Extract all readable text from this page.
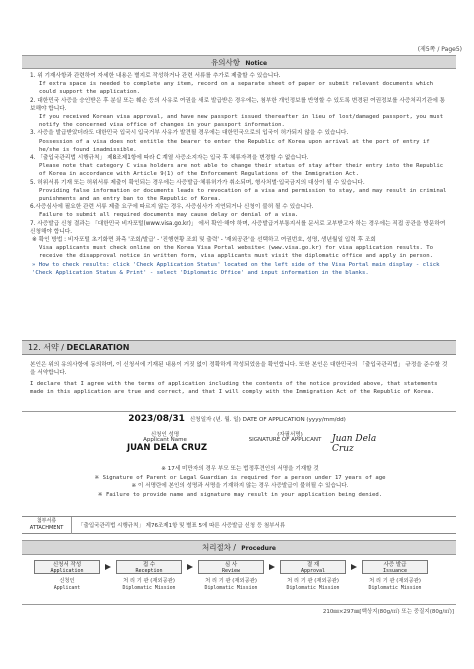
(제5쪽 / Page5)
유의사항 Notice
1. 위 기재사항과 관련하여 자세한 내용은 별지로 작성하거나 관련 서류를 추가로 제출할 수 있습니다.
If extra space is needed to complete any item, record on a separate sheet of paper or submit relevant documents which could support the application.
2. 대한민국 사증을 승인받은 후 분실 또는 훼손 등의 사유로 여권을 새로 발급받은 경우에는, 첨부한 개인정보를 반영할 수 있도록 변경된 여권정보를 사증처리기관에 통보해야 합니다.
If you received Korean visa approval, and have new passport issued thereafter in lieu of lost/damaged passport, you must notify the concerned visa office of changes in your passport information.
3. 사증을 발급받았더라도 대한민국 입국시 입국거부 사유가 발견될 경우에는 대한민국으로의 입국이 허가되지 않을 수 있습니다.
Possession of a visa does not entitle the bearer to enter the Republic of Korea upon arrival at the port of entry if he/she is found inadmissible.
4. 「출입국관리법 시행규칙」 제8조제1항에 따라 C 계열 사증소지자는 입국 후 체류자격을 변경할 수 없습니다.
Please note that category C visa holders are not able to change their status of stay after their entry into the Republic of Korea in accordance with Article 9(1) of the Enforcement Regulations of the Immigration Act.
5. 허위서류 기재 또는 허위서류 제출이 확인되는 경우에는 사증발급·체류허가가 취소되며, 형사처벌·입국금지의 대상이 될 수 있습니다.
Providing false information or documents leads to revocation of a visa and permission to stay, and may result in criminal punishments and an entry ban to the Republic of Korea.
6.사증심사에 필요한 관련 서류 제출 요구에 따르지 않는 경우, 사증심사가 지연되거나 신청이 불허 될 수 있습니다.
Failure to submit all required documents may cause delay or denial of a visa.
7. 사증발급 신청 결과는 「대한민국 비자포털(www.visa.go.kr)」 에서 확인·해야 하며, 사증발급거부통지서를 문서로 교부받고자 하는 경우에는 직접 공관을 방문하여 신청해야 합니다.
※ 확인 방법 : 비자포털 초기화면 좌측 '조회/발급' - '진행현황 조회 및 출력' - '재외공관'을 선택하고 여권번호, 성명, 생년월일 입력 후 조회
Visa applicants must check online on the Korea Visa Portal website< (www.visa.go.kr) for visa application results. To receive the disapproval notice in written form, visa applicants must visit the diplomatic office and apply in person.
» How to check results: click 'Check Application Status' located on the left side of the Visa Portal main display - click 'Check Application Status & Print' - select 'Diplomatic Office' and input information in the blanks.
12. 서약 / DECLARATION
본인은 위의 유의사항에 동의하며, 이 신청서에 기재된 내용이 거짓 없이 정확하게 작성되었음을 확인합니다. 또한 본인은 대한민국의 「출입국관리법」 규정을 준수할 것을 서약합니다.
I declare that I agree with the terms of application including the contents of the notice provided above, that statements made in this application are true and correct, and that I will comply with the Immigration Act of the Republic of Korea.
2023/08/31 신청일자 (년. 월. 일) DATE OF APPLICATION (yyyy/mm/dd)
신청인 성명
Applicant Name
JUAN DELA CRUZ
(자필서명)
SIGNATURE OF APPLICANT	Juan Dela Cruz
※ 17세 미만자의 경우 부모 또는 법정후견인의 서명을 기재할 것
※ Signature of Parent or Legal Guardian is required for a person under 17 years of age
※ 이 서명란에 본인의 성명과 서명을 기재하지 않는 경우 사증발급이 불허될 수 있습니다.
※ Failure to provide name and signature may result in your application being denied.
첨부서류
ATTACHMENT	「출입국관리법 시행규칙」 제76조제1항 및 별표 5에 따른 사증발급 신청 등 첨부서류
처리절차 / Procedure
신청서 작성
Application
접 수
Reception
심 사
Review
결 재
Approval
사증 발급
Issuance
신청인
Applicant
처 리 기 관 (재외공관)
Diplomatic Mission
처 리 기 관 (재외공관)
Diplomatic Mission
처 리 기 관 (재외공관)
Diplomatic Mission
처 리 기 관 (재외공관)
Diplomatic Mission
210㎜×297㎜[백상지(80g/㎡) 또는 중질지(80g/㎡)]
